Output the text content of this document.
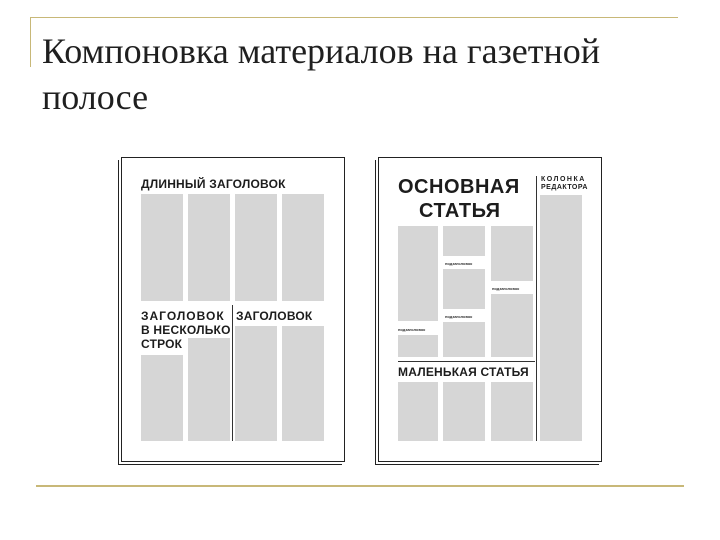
Компоновка материалов на газетной полосе
ДЛИННЫЙ ЗАГОЛОВОК
ЗАГОЛОВОК
В НЕСКОЛЬКО
СТРОК
ЗАГОЛОВОК
ОСНОВНАЯ
СТАТЬЯ
КОЛОНКА
РЕДАКТОРА
подзаголовок
подзаголовок
подзаголовок
подзаголовок
МАЛЕНЬКАЯ СТАТЬЯ
